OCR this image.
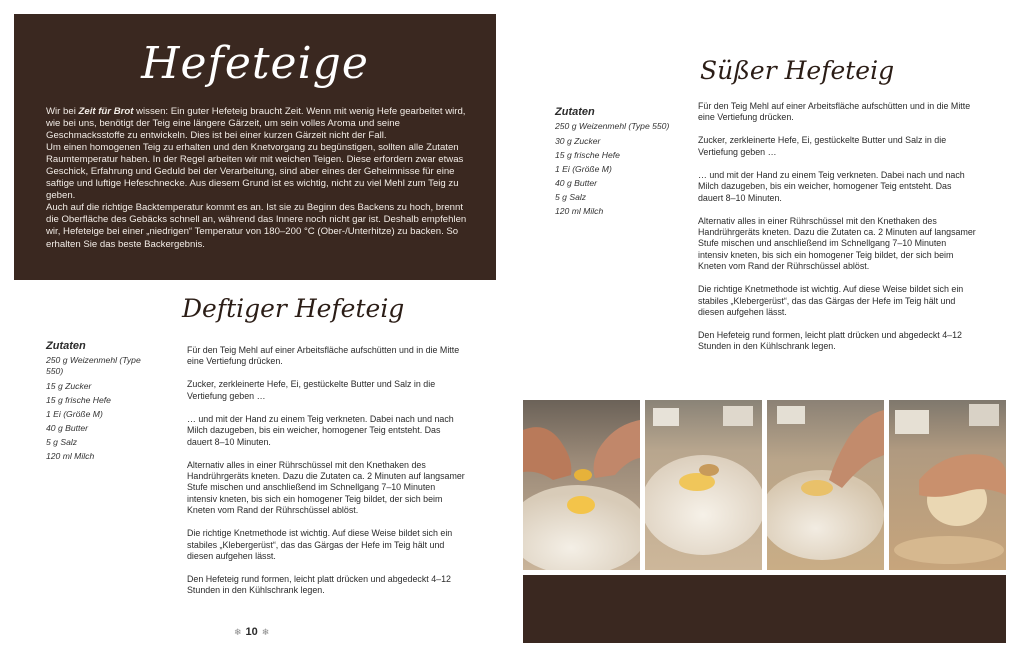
Hefeteige

Wir bei Zeit für Brot wissen: Ein guter Hefeteig braucht Zeit. Wenn mit wenig Hefe gearbeitet wird, wie bei uns, benötigt der Teig eine längere Gärzeit, um sein volles Aroma und seine Geschmacksstoffe zu entwickeln. Dies ist bei einer kurzen Gärzeit nicht der Fall.

Um einen homogenen Teig zu erhalten und den Knetvorgang zu begünstigen, sollten alle Zutaten Raumtemperatur haben. In der Regel arbeiten wir mit weichen Teigen. Diese erfordern zwar etwas Geschick, Erfahrung und Geduld bei der Verarbeitung, sind aber eines der Geheimnisse für eine saftige und luftige Hefeschnecke. Aus diesem Grund ist es wichtig, nicht zu viel Mehl zum Teig zu geben.

Auch auf die richtige Backtemperatur kommt es an. Ist sie zu Beginn des Backens zu hoch, brennt die Oberfläche des Gebäcks schnell an, während das Innere noch nicht gar ist. Deshalb empfehlen wir, Hefeteige bei einer „niedrigen“ Temperatur von 180–200 °C (Ober-/Unterhitze) zu backen. So erhalten Sie das beste Backergebnis.

Deftiger Hefeteig
Zutaten
250 g Weizenmehl (Type 550)
15 g Zucker
15 g frische Hefe
1 Ei (Größe M)
40 g Butter
5 g Salz
120 ml Milch

Für den Teig Mehl auf einer Arbeitsfläche aufschütten und in die Mitte eine Vertiefung drücken.

Zucker, zerkleinerte Hefe, Ei, gestückelte Butter und Salz in die Vertiefung geben …

… und mit der Hand zu einem Teig verkneten. Dabei nach und nach Milch dazugeben, bis ein weicher, homogener Teig entsteht. Das dauert 8–10 Minuten.

Alternativ alles in einer Rührschüssel mit den Knethaken des Handrührgeräts kneten. Dazu die Zutaten ca. 2 Minuten auf langsamer Stufe mischen und anschließend im Schnellgang 7–10 Minuten intensiv kneten, bis sich ein homogener Teig bildet, der sich beim Kneten vom Rand der Rührschüssel ablöst.

Die richtige Knetmethode ist wichtig. Auf diese Weise bildet sich ein stabiles „Klebergerüst“, das das Gärgas der Hefe im Teig hält und diesen aufgehen lässt.

Den Hefeteig rund formen, leicht platt drücken und abgedeckt 4–12 Stunden in den Kühlschrank legen.

Süßer Hefeteig
Zutaten
250 g Weizenmehl (Type 550)
30 g Zucker
15 g frische Hefe
1 Ei (Größe M)
40 g Butter
5 g Salz
120 ml Milch

Für den Teig Mehl auf einer Arbeitsfläche aufschütten und in die Mitte eine Vertiefung drücken.

Zucker, zerkleinerte Hefe, Ei, gestückelte Butter und Salz in die Vertiefung geben …

… und mit der Hand zu einem Teig verkneten. Dabei nach und nach Milch dazugeben, bis ein weicher, homogener Teig entsteht. Das dauert 8–10 Minuten.

Alternativ alles in einer Rührschüssel mit den Knethaken des Handrührgeräts kneten. Dazu die Zutaten ca. 2 Minuten auf langsamer Stufe mischen und anschließend im Schnellgang 7–10 Minuten intensiv kneten, bis sich ein homogener Teig bildet, der sich beim Kneten vom Rand der Rührschüssel ablöst.

Die richtige Knetmethode ist wichtig. Auf diese Weise bildet sich ein stabiles „Klebergerüst“, das das Gärgas der Hefe im Teig hält und diesen aufgehen lässt.

Den Hefeteig rund formen, leicht platt drücken und abgedeckt 4–12 Stunden in den Kühlschrank legen.

❄ 10 ❄
